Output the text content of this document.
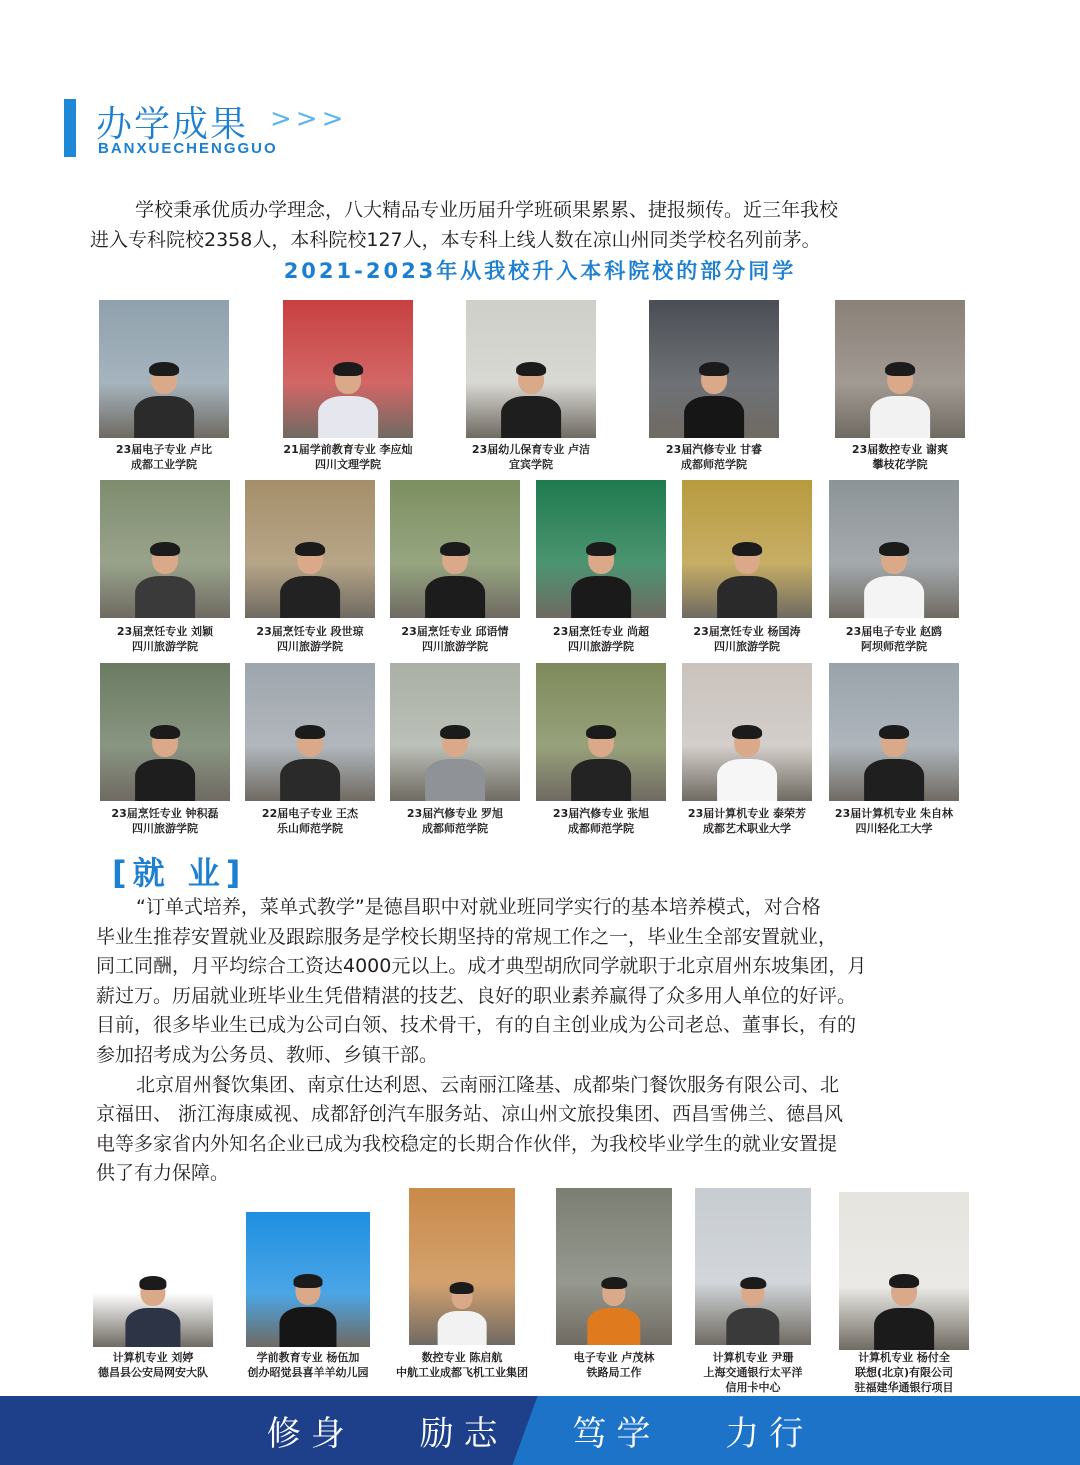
办学成果 >>>
BANXUECHENGGUO
学校秉承优质办学理念，八大精品专业历届升学班硕果累累、捷报频传。近三年我校
进入专科院校2358人，本科院校127人，本专科上线人数在凉山州同类学校名列前茅。
2021-2023年从我校升入本科院校的部分同学
23届电子专业 卢比
成都工业学院
21届学前教育专业 李应灿
四川文理学院
23届幼儿保育专业 卢洁
宜宾学院
23届汽修专业 甘睿
成都师范学院
23届数控专业 谢爽
攀枝花学院
23届烹饪专业 刘颖
四川旅游学院
23届烹饪专业 段世琼
四川旅游学院
23届烹饪专业 邱语情
四川旅游学院
23届烹饪专业 尚超
四川旅游学院
23届烹饪专业 杨国涛
四川旅游学院
23届电子专业 赵鸥
阿坝师范学院
23届烹饪专业 钟积磊
四川旅游学院
22届电子专业 王杰
乐山师范学院
23届汽修专业 罗旭
成都师范学院
23届汽修专业 张旭
成都师范学院
23届计算机专业 泰荣芳
成都艺术职业大学
23届计算机专业 朱自林
四川轻化工大学
[就 业]
“订单式培养，菜单式教学”是德昌职中对就业班同学实行的基本培养模式，对合格
毕业生推荐安置就业及跟踪服务是学校长期坚持的常规工作之一，毕业生全部安置就业，
同工同酬，月平均综合工资达4000元以上。成才典型胡欣同学就职于北京眉州东坡集团，月
薪过万。历届就业班毕业生凭借精湛的技艺、良好的职业素养赢得了众多用人单位的好评。
目前，很多毕业生已成为公司白领、技术骨干，有的自主创业成为公司老总、董事长，有的
参加招考成为公务员、教师、乡镇干部。
北京眉州餐饮集团、南京仕达利恩、云南丽江隆基、成都柴门餐饮服务有限公司、北
京福田、 浙江海康威视、成都舒创汽车服务站、凉山州文旅投集团、西昌雪佛兰、德昌风
电等多家省内外知名企业已成为我校稳定的长期合作伙伴，为我校毕业学生的就业安置提
供了有力保障。
计算机专业 刘婷
德昌县公安局网安大队
学前教育专业 杨伍加
创办昭觉县喜羊羊幼儿园
数控专业 陈启航
中航工业成都飞机工业集团
电子专业 卢茂林
铁路局工作
计算机专业 尹珊
上海交通银行太平洋
信用卡中心
计算机专业 杨付全
联想(北京)有限公司
驻福建华通银行项目
修身 励志 笃学 力行
